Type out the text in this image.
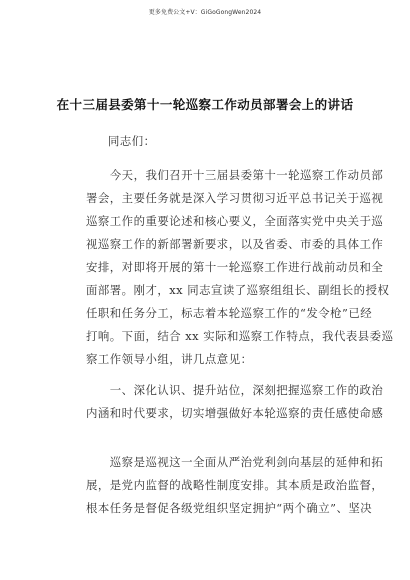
更多免费公文+V：GiGoGongWen2024
在十三届县委第十一轮巡察工作动员部署会上的讲话
同志们：
　　今天，我们召开十三届县委第十一轮巡察工作动员部
署会，主要任务就是深入学习贯彻习近平总书记关于巡视
巡察工作的重要论述和核心要义，全面落实党中央关于巡
视巡察工作的新部署新要求，以及省委、市委的具体工作
安排，对即将开展的第十一轮巡察工作进行战前动员和全
面部署。刚才，xx 同志宣读了巡察组组长、副组长的授权
任职和任务分工，标志着本轮巡察工作的“发令枪”已经
打响。下面，结合 xx 实际和巡察工作特点，我代表县委巡
察工作领导小组，讲几点意见：
　　一、深化认识、提升站位，深刻把握巡察工作的政治
内涵和时代要求，切实增强做好本轮巡察的责任感使命感
　　巡察是巡视这一全面从严治党利剑向基层的延伸和拓
展，是党内监督的战略性制度安排。其本质是政治监督，
根本任务是督促各级党组织坚定拥护“两个确立”、坚决
